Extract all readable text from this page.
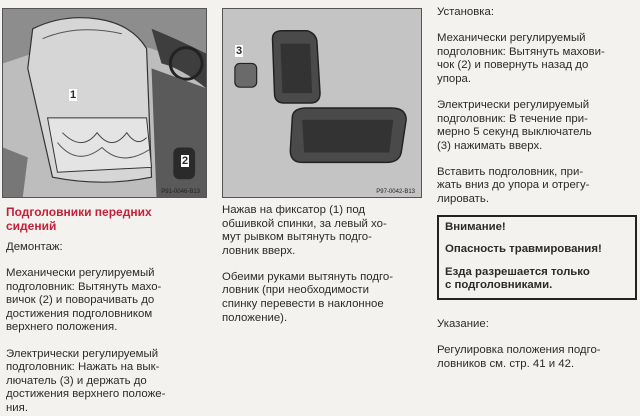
1
2
P91-0046-B13
3
P97-0042-B13

Подголовники передних

сидений

Демонтаж:

Механически регулируемый

подголовник: Вытянуть махо-

вичок (2) и поворачивать до

достижения подголовником

верхнего положения.

Электрически регулируемый

подголовник: Нажать на вык-

лючатель (3) и держать до

достижения верхнего положе-

ния.

Нажав на фиксатор (1) под

обшивкой спинки, за левый хо-

мут рывком вытянуть подго-

ловник вверх.

Обеими руками вытянуть подго-

ловник (при необходимости

спинку перевести в наклонное

положение).

Установка:

Механически регулируемый

подголовник: Вытянуть махови-

чок (2) и повернуть назад до

упора.

Электрически регулируемый

подголовник: В течение при-

мерно 5 секунд выключатель

(3) нажимать вверх.

Вставить подголовник, при-

жать вниз до упора и отрегу-

лировать.

Внимание!

Опасность травмирования!

Езда разрешается только

с подголовниками.

Указание:

Регулировка положения подго-

ловников см. стр. 41 и 42.
